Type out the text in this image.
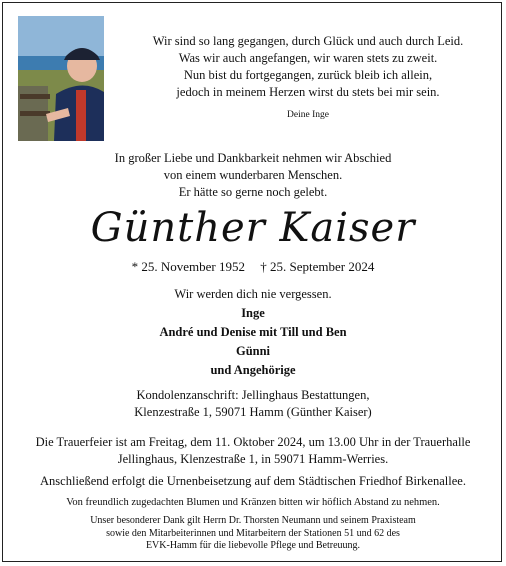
Wir sind so lang gegangen, durch Glück und auch durch Leid.
Was wir auch angefangen, wir waren stets zu zweit.
Nun bist du fortgegangen, zurück bleib ich allein,
jedoch in meinem Herzen wirst du stets bei mir sein.
Deine Inge
In großer Liebe und Dankbarkeit nehmen wir Abschied
von einem wunderbaren Menschen.
Er hätte so gerne noch gelebt.
Günther Kaiser
* 25. November 1952 † 25. September 2024
Wir werden dich nie vergessen.
Inge
André und Denise mit Till und Ben
Günni
und Angehörige
Kondolenzanschrift: Jellinghaus Bestattungen,
Klenzestraße 1, 59071 Hamm (Günther Kaiser)
Die Trauerfeier ist am Freitag, dem 11. Oktober 2024, um 13.00 Uhr in der Trauerhalle
Jellinghaus, Klenzestraße 1, in 59071 Hamm-Werries.
Anschließend erfolgt die Urnenbeisetzung auf dem Städtischen Friedhof Birkenallee.
Von freundlich zugedachten Blumen und Kränzen bitten wir höflich Abstand zu nehmen.
Unser besonderer Dank gilt Herrn Dr. Thorsten Neumann und seinem Praxisteam
sowie den Mitarbeiterinnen und Mitarbeitern der Stationen 51 und 62 des
EVK-Hamm für die liebevolle Pflege und Betreuung.
